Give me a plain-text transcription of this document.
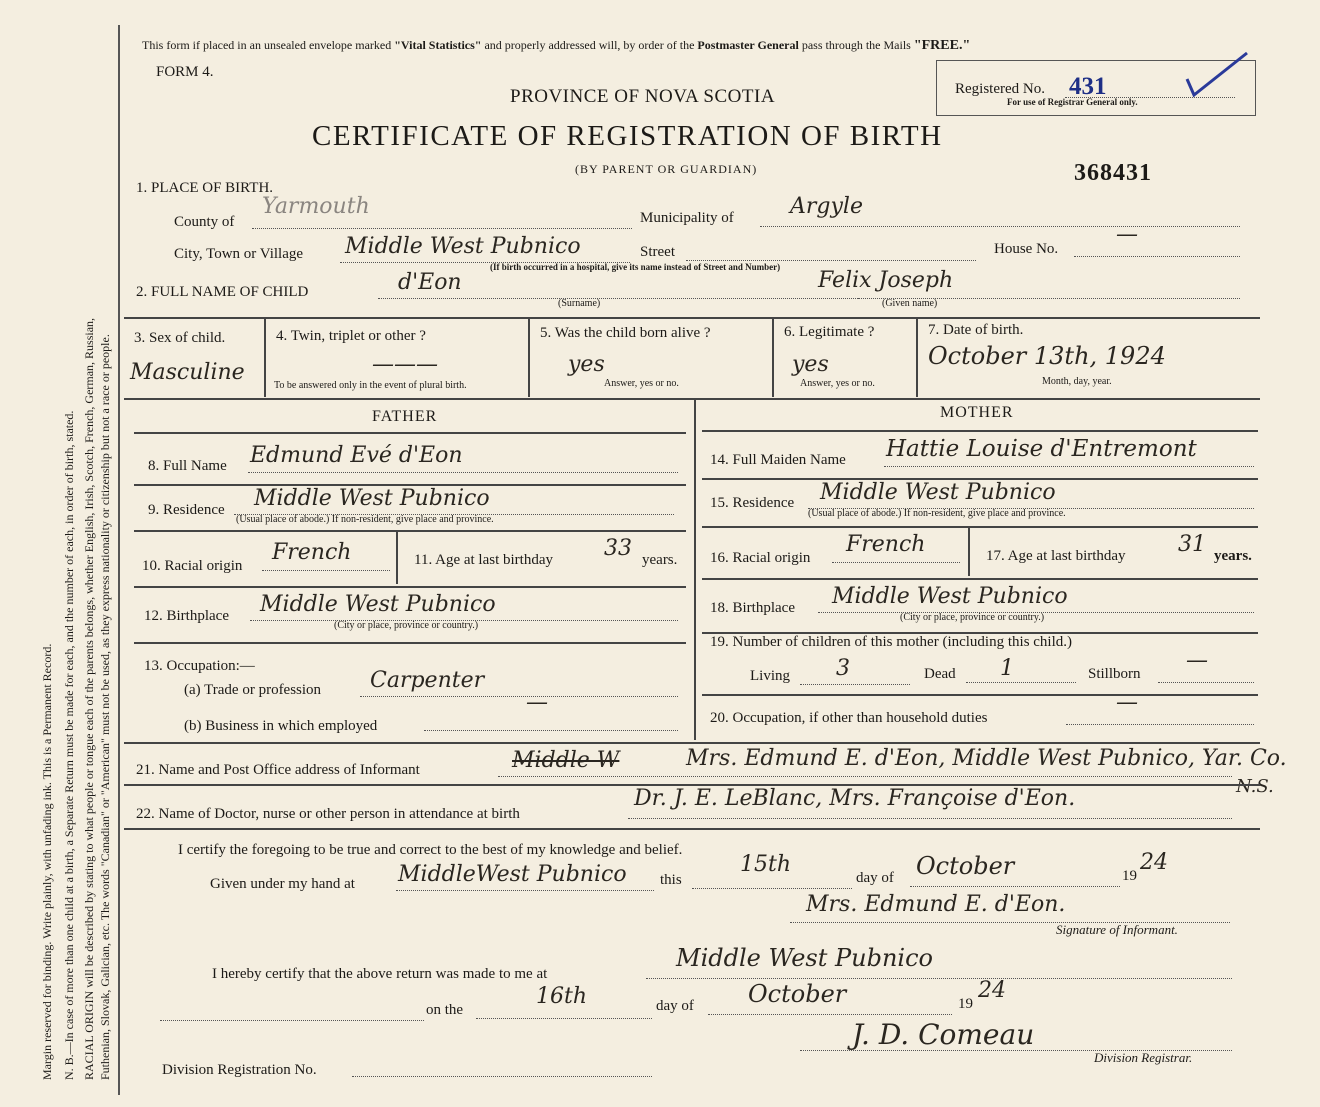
Margin reserved for binding. Write plainly, with unfading ink. This is a Permanent Record. N. B.—In case of more than one child at a birth, a Separate Return must be made for each, and the number of each, in order of birth, stated. RACIAL ORIGIN will be described by stating to what people or tongue each of the parents belongs, whether English, Irish, Scotch, French, German, Russian, Futhenian, Slovak, Galician, etc. The words "Canadian" or "American" must not be used, as they express nationality or citizenship but not a race or people.
This form if placed in an unsealed envelope marked "Vital Statistics" and properly addressed will, by order of the Postmaster General pass through the Mails "FREE."
FORM 4.
PROVINCE OF NOVA SCOTIA
CERTIFICATE OF REGISTRATION OF BIRTH
(BY PARENT OR GUARDIAN)	368431
Registered No. 431
For use of Registrar General only.
1. PLACE OF BIRTH.
County of
Yarmouth	Municipality of	Argyle
City, Town or Village Middle West Pubnico	Street	House No.
—
(If birth occurred in a hospital, give its name instead of Street and Number)
2. FULL NAME OF CHILD	d'Eon
(Surname)
Felix Joseph
(Given name)
3. Sex of child.
Masculine
4. Twin, triplet or other ?
———
To be answered only in the event of plural birth.
5. Was the child born alive ?
yes
Answer, yes or no.
6. Legitimate ?
yes
Answer, yes or no.
7. Date of birth.
October 13th, 1924
Month, day, year.
FATHER	MOTHER
8. Full Name Edmund Evé d'Eon
9. Residence Middle West Pubnico
(Usual place of abode.) If non-resident, give place and province.
10. Racial origin
French	11. Age at last birthday 33 years.
12. Birthplace Middle West Pubnico
(City or place, province or country.)
13. Occupation:—
(a) Trade or profession Carpenter
(b) Business in which employed
—
14. Full Maiden Name Hattie Louise d'Entremont
15. Residence Middle West Pubnico
(Usual place of abode.) If non-resident, give place and province.
16. Racial origin
French	17. Age at last birthday 31 years.
18. Birthplace Middle West Pubnico
(City or place, province or country.)
19. Number of children of this mother (including this child.)
Living 3	Dead 1	Stillborn
—
20. Occupation, if other than household duties
—
21. Name and Post Office address of Informant	Middle W	Mrs. Edmund E. d'Eon, Middle West Pubnico, Yar. Co.
N.S.
22. Name of Doctor, nurse or other person in attendance at birth
Dr. J. E. LeBlanc, Mrs. Françoise d'Eon.
I certify the foregoing to be true and correct to the best of my knowledge and belief.
Given under my hand at MiddleWest Pubnico this
15th
day of October	19
24
Mrs. Edmund E. d'Eon.
Signature of Informant.
I hereby certify that the above return was made to me at
Middle West Pubnico
on the
16th	day of October	19
24
J. D. Comeau
Division Registrar.
Division Registration No.
